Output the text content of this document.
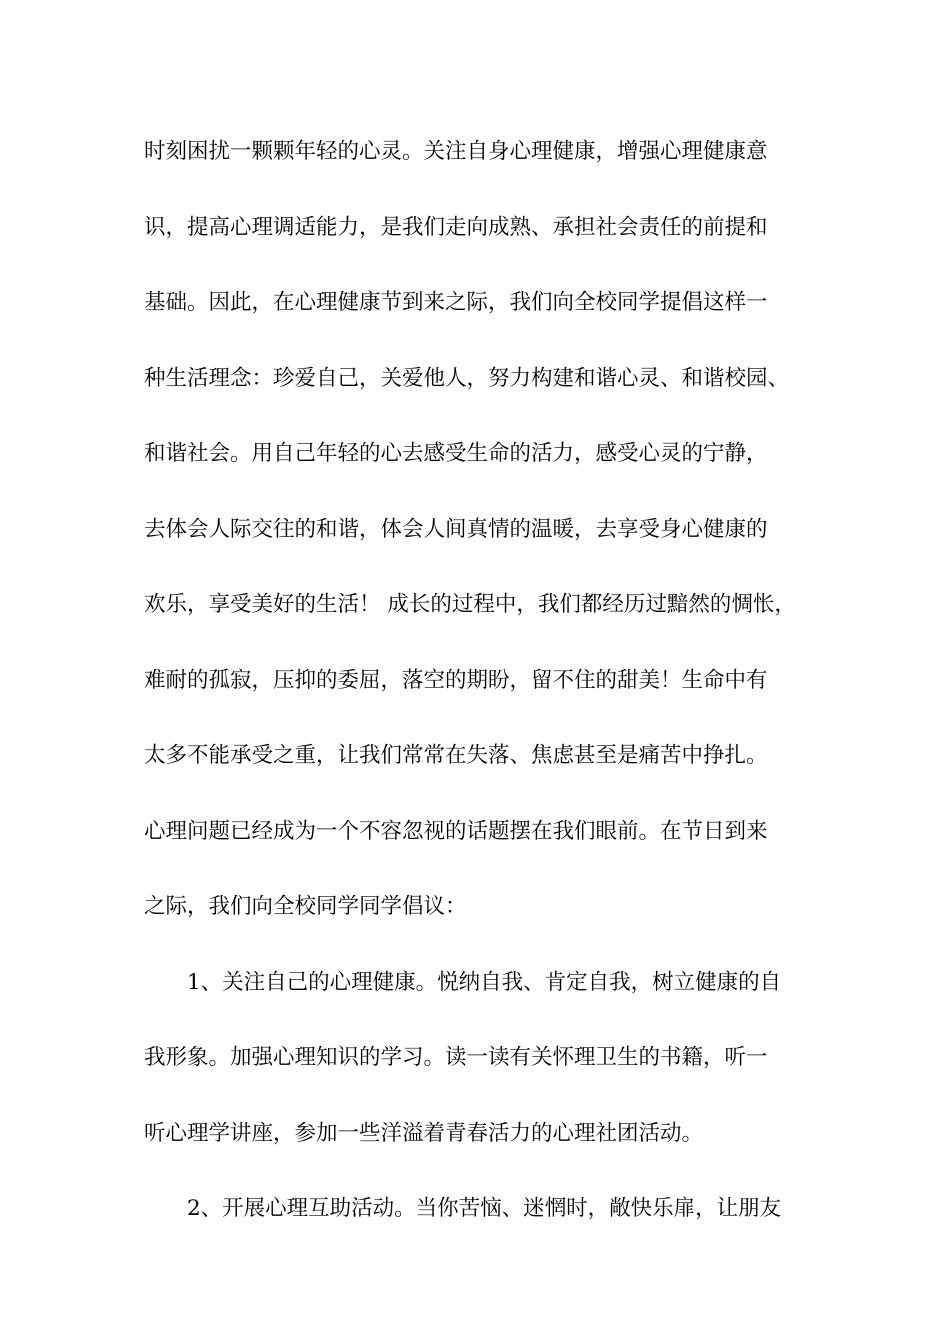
时刻困扰一颗颗年轻的心灵。关注自身心理健康，增强心理健康意
识，提高心理调适能力，是我们走向成熟、承担社会责任的前提和
基础。因此，在心理健康节到来之际，我们向全校同学提倡这样一
种生活理念：珍爱自己，关爱他人，努力构建和谐心灵、和谐校园、
和谐社会。用自己年轻的心去感受生命的活力，感受心灵的宁静，
去体会人际交往的和谐，体会人间真情的温暖，去享受身心健康的
欢乐，享受美好的生活！ 成长的过程中，我们都经历过黯然的惆怅，
难耐的孤寂，压抑的委屈，落空的期盼，留不住的甜美！生命中有
太多不能承受之重，让我们常常在失落、焦虑甚至是痛苦中挣扎。
心理问题已经成为一个不容忽视的话题摆在我们眼前。在节日到来
之际，我们向全校同学同学倡议：
1、关注自己的心理健康。悦纳自我、肯定自我，树立健康的自
我形象。加强心理知识的学习。读一读有关怀理卫生的书籍，听一
听心理学讲座，参加一些洋溢着青春活力的心理社团活动。
2、开展心理互助活动。当你苦恼、迷惘时，敞快乐扉，让朋友
